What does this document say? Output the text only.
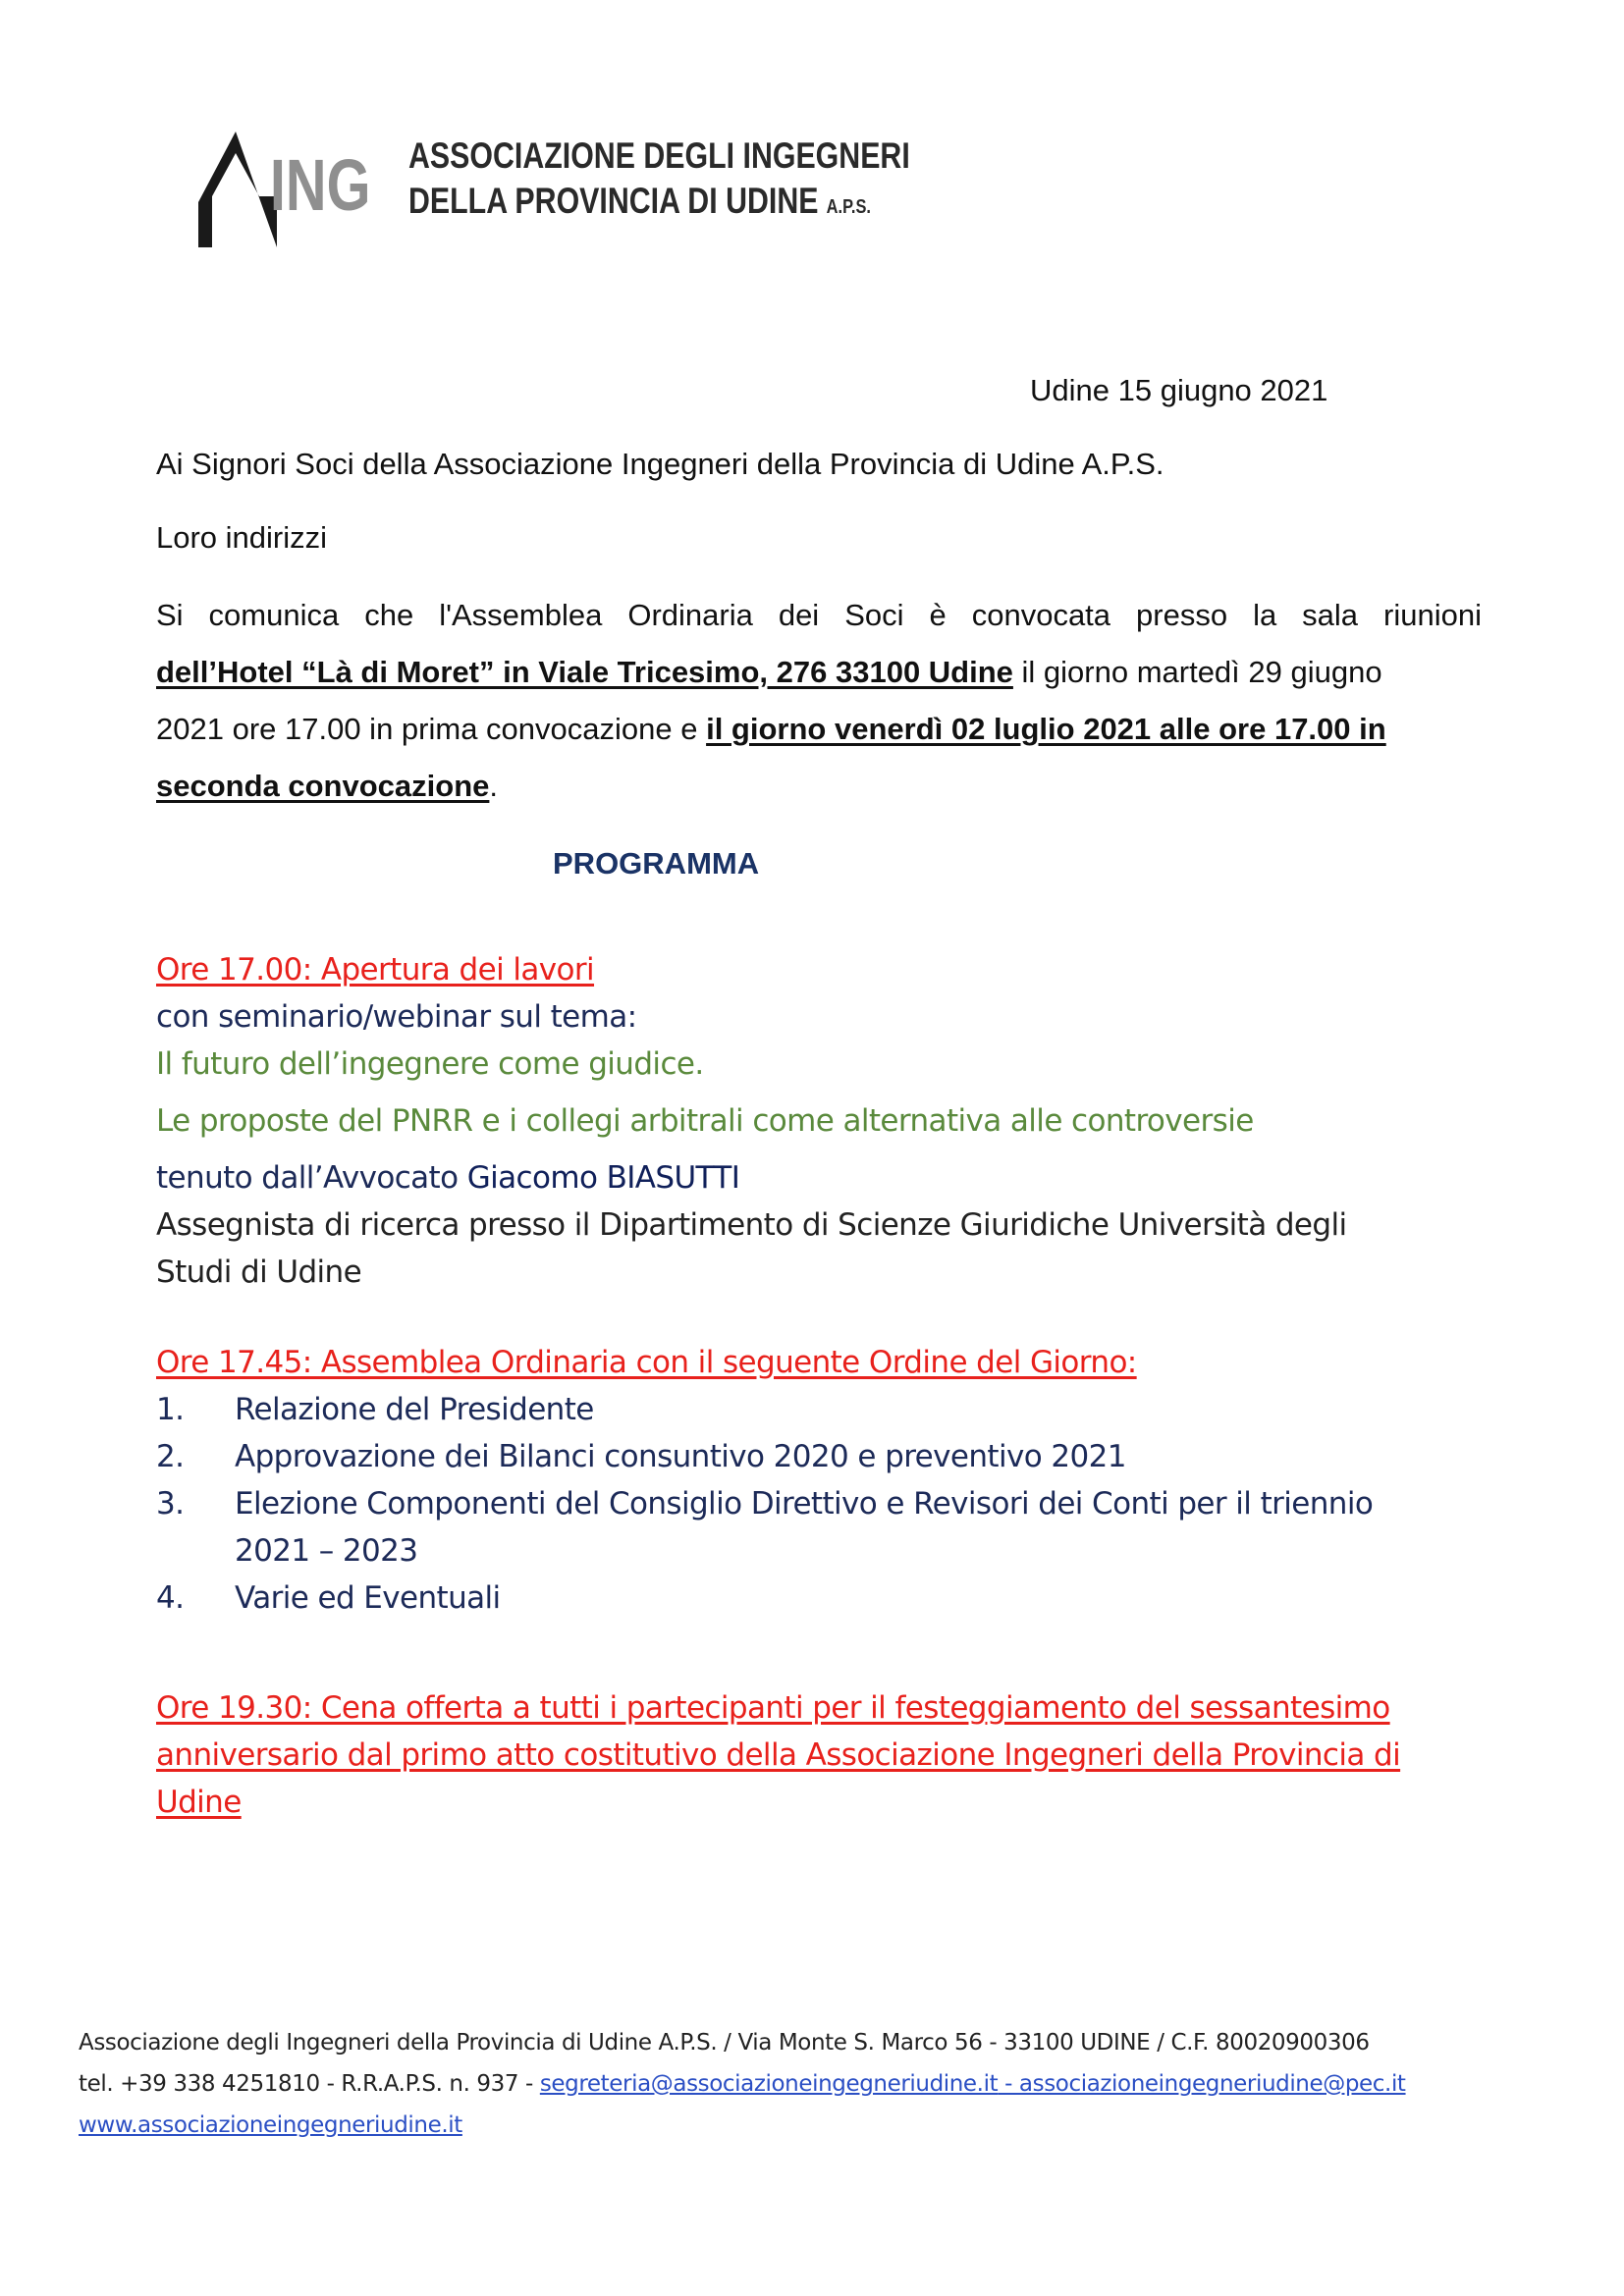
ING ASSOCIAZIONE DEGLI INGEGNERI
DELLA PROVINCIA DI UDINE A.P.S.
Udine 15 giugno 2021
Ai Signori Soci della Associazione Ingegneri della Provincia di Udine A.P.S.
Loro indirizzi
Si comunica che l'Assemblea Ordinaria dei Soci è convocata presso la sala riunioni
dell’Hotel “Là di Moret” in Viale Tricesimo, 276 33100 Udine il giorno martedì 29 giugno
2021 ore 17.00 in prima convocazione e il giorno venerdì 02 luglio 2021 alle ore 17.00 in
seconda convocazione.
PROGRAMMA
Ore 17.00: Apertura dei lavori
con seminario/webinar sul tema:
Il futuro dell’ingegnere come giudice.
Le proposte del PNRR e i collegi arbitrali come alternativa alle controversie
tenuto dall’Avvocato Giacomo BIASUTTI
Assegnista di ricerca presso il Dipartimento di Scienze Giuridiche Università degli
Studi di Udine
Ore 17.45: Assemblea Ordinaria con il seguente Ordine del Giorno:
1. Relazione del Presidente
2. Approvazione dei Bilanci consuntivo 2020 e preventivo 2021
3. Elezione Componenti del Consiglio Direttivo e Revisori dei Conti per il triennio
2021 – 2023
4. Varie ed Eventuali
Ore 19.30: Cena offerta a tutti i partecipanti per il festeggiamento del sessantesimo
anniversario dal primo atto costitutivo della Associazione Ingegneri della Provincia di
Udine
Associazione degli Ingegneri della Provincia di Udine A.P.S. / Via Monte S. Marco 56 - 33100 UDINE / C.F. 80020900306
tel. +39 338 4251810 - R.R.A.P.S. n. 937 - segreteria@associazioneingegneriudine.it - associazioneingegneriudine@pec.it
www.associazioneingegneriudine.it
